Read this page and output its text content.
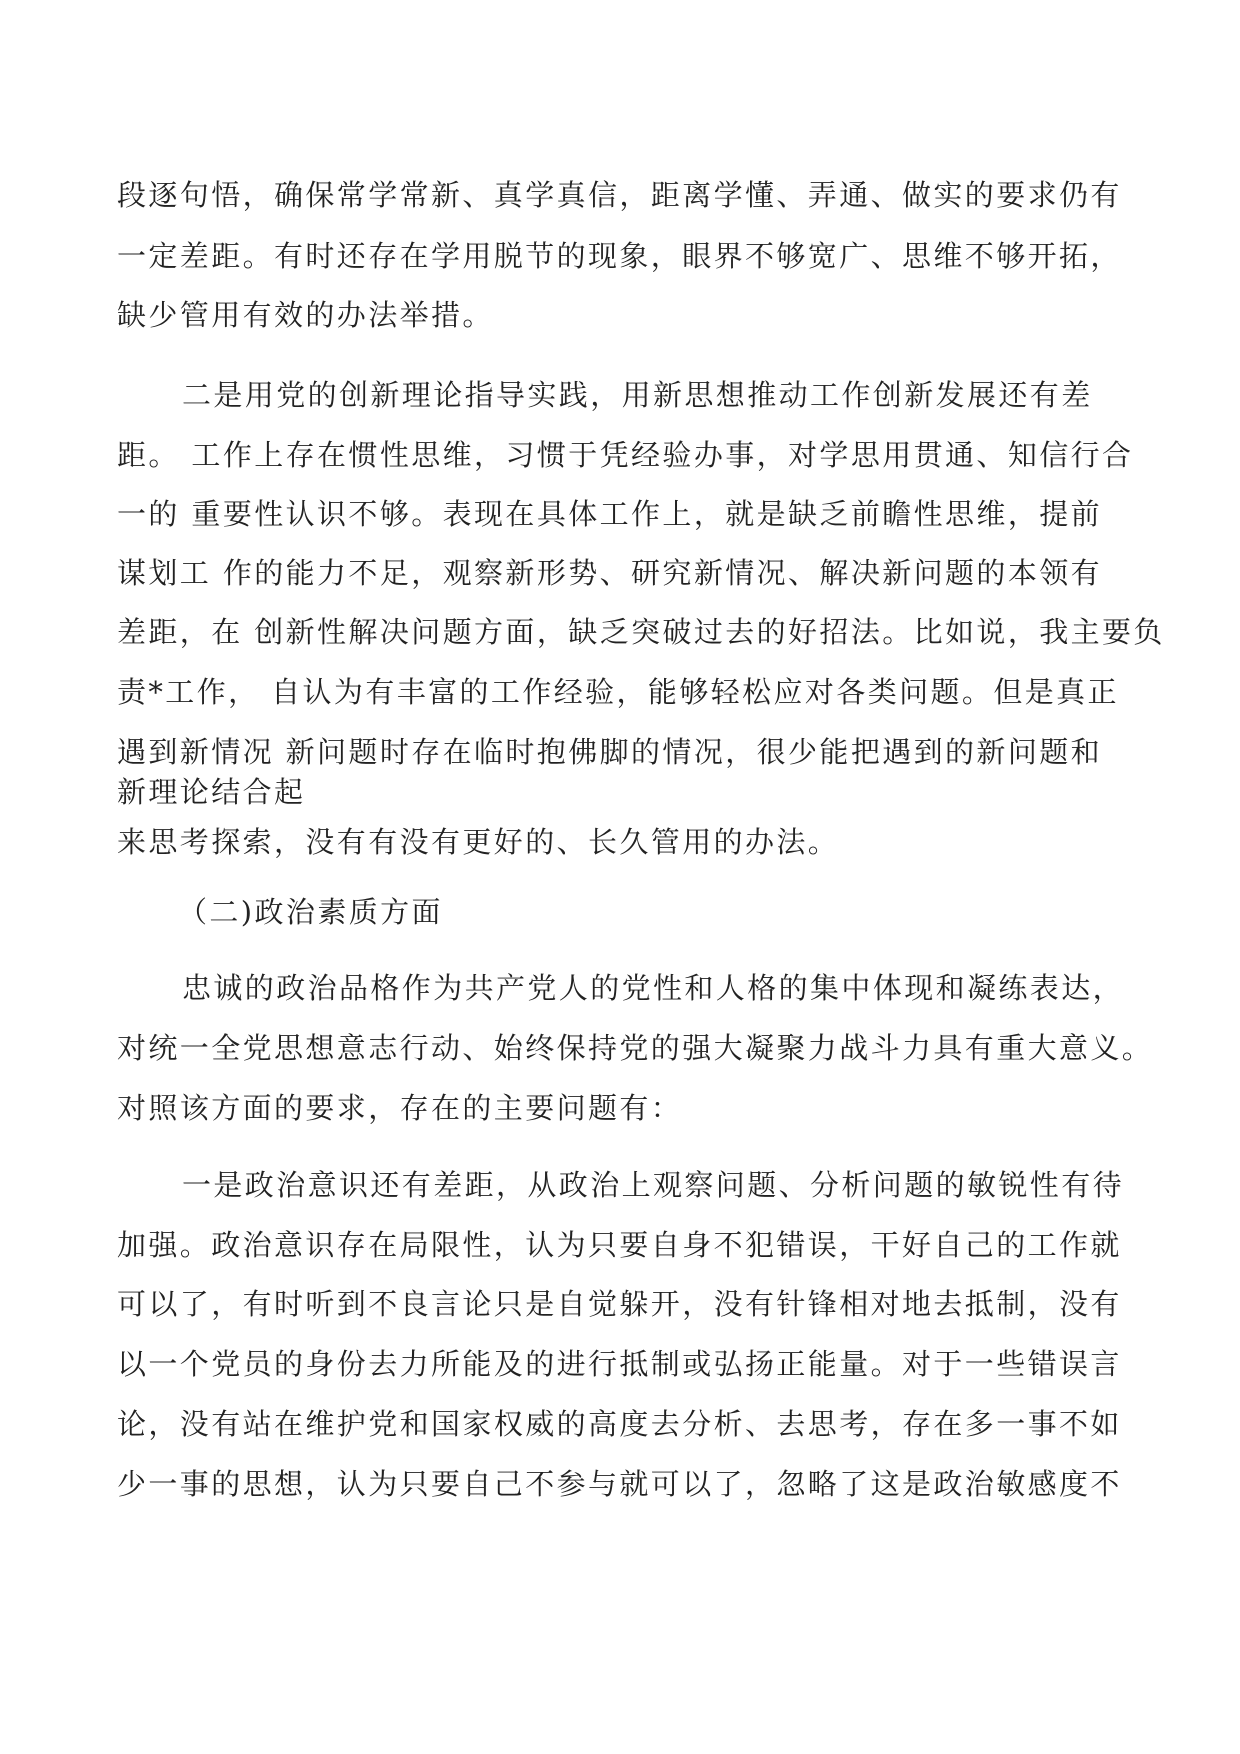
段逐句悟，确保常学常新、真学真信，距离学懂、弄通、做实的要求仍有
一定差距。有时还存在学用脱节的现象，眼界不够宽广、思维不够开拓，
缺少管用有效的办法举措。
二是用党的创新理论指导实践，用新思想推动工作创新发展还有差
距。 工作上存在惯性思维，习惯于凭经验办事，对学思用贯通、知信行合
一的 重要性认识不够。表现在具体工作上，就是缺乏前瞻性思维，提前
谋划工 作的能力不足，观察新形势、研究新情况、解决新问题的本领有
差距，在 创新性解决问题方面，缺乏突破过去的好招法。比如说，我主要负
责*工作， 自认为有丰富的工作经验，能够轻松应对各类问题。但是真正
遇到新情况 新问题时存在临时抱佛脚的情况，很少能把遇到的新问题和
新理论结合起
来思考探索，没有有没有更好的、长久管用的办法。
（二)政治素质方面
忠诚的政治品格作为共产党人的党性和人格的集中体现和凝练表达，
对统一全党思想意志行动、始终保持党的强大凝聚力战斗力具有重大意义。
对照该方面的要求，存在的主要问题有：
一是政治意识还有差距，从政治上观察问题、分析问题的敏锐性有待
加强。政治意识存在局限性，认为只要自身不犯错误，干好自己的工作就
可以了，有时听到不良言论只是自觉躲开，没有针锋相对地去抵制，没有
以一个党员的身份去力所能及的进行抵制或弘扬正能量。对于一些错误言
论，没有站在维护党和国家权威的高度去分析、去思考，存在多一事不如
少一事的思想，认为只要自己不参与就可以了，忽略了这是政治敏感度不
